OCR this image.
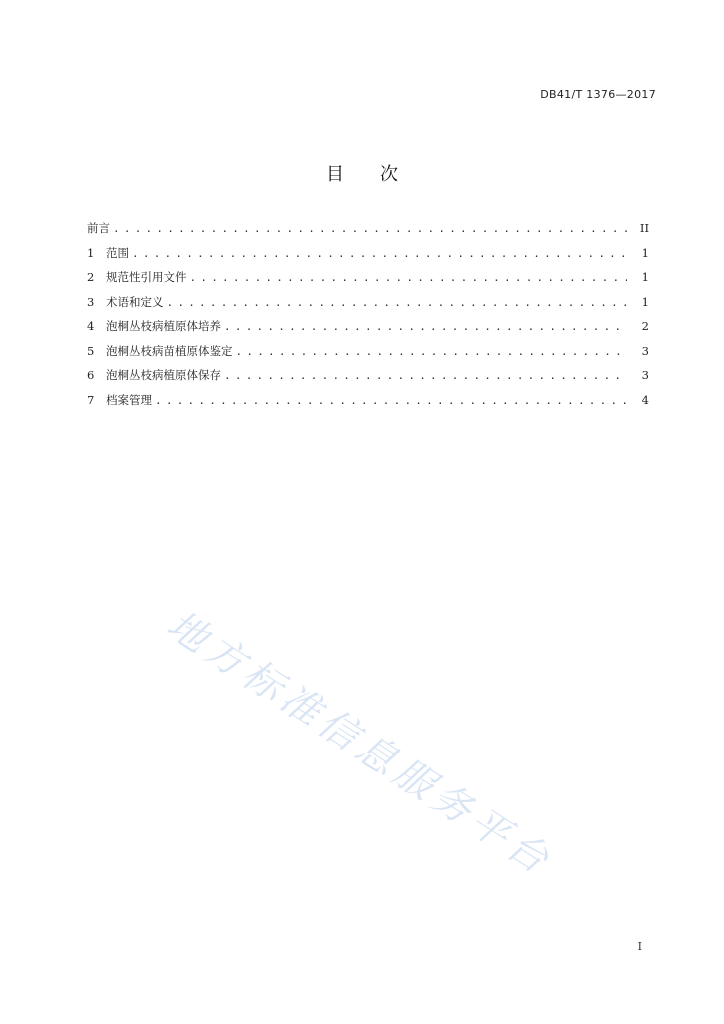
DB41/T 1376—2017
目 次
前言 . . .	II
1	范围 . . .	1
2	规范性引用文件 . . .	1
3	术语和定义 . . .	1
4	泡桐丛枝病植原体培养 . . .	2
5	泡桐丛枝病苗植原体鉴定 . . .	3
6	泡桐丛枝病植原体保存 . . .	3
7	档案管理 . . .	4
地方标准信息服务平台
I
